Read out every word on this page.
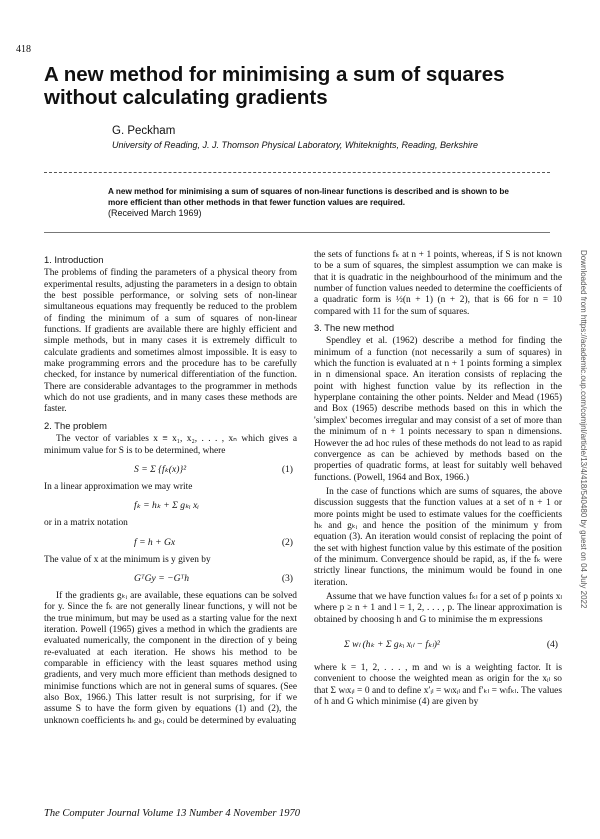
418
A new method for minimising a sum of squares without calculating gradients
G. Peckham
University of Reading, J. J. Thomson Physical Laboratory, Whiteknights, Reading, Berkshire
A new method for minimising a sum of squares of non-linear functions is described and is shown to be more efficient than other methods in that fewer function values are required.
(Received March 1969)
1. Introduction

The problems of finding the parameters of a physical theory from experimental results, adjusting the parameters in a design to obtain the best possible performance, or solving sets of non-linear simultaneous equations may frequently be reduced to the problem of finding the minimum of a sum of squares of non-linear functions. If gradients are available there are highly efficient and simple methods, but in many cases it is extremely difficult to calculate gradients and sometimes almost impossible. It is easy to make programming errors and the procedure has to be carefully checked, for instance by numerical differentiation of the function. There are considerable advantages to the programmer in methods which do not use gradients, and in many cases these methods are faster.

2. The problem

The vector of variables x ≡ x₁, x₂, . . . , xₙ which gives a minimum value for S is to be determined, where

S = Σ {fₖ(x)}²	(1)

In a linear approximation we may write

fₖ = hₖ + Σ gₖᵢ xᵢ

or in a matrix notation

f = h + Gx	(2)

The value of x at the minimum is y given by

GᵀGy = −Gᵀh	(3)

If the gradients gₖᵢ are available, these equations can be solved for y. Since the fₖ are not generally linear functions, y will not be the true minimum, but may be used as a starting value for the next iteration. Powell (1965) gives a method in which the gradients are evaluated numerically, the component in the direction of y being re-evaluated at each iteration. He shows his method to be comparable in efficiency with the least squares method using gradients, and very much more efficient than methods designed to minimise functions which are not in general sums of squares. (See also Box, 1966.) This latter result is not surprising, for if we assume S to have the form given by equations (1) and (2), the unknown coefficients hₖ and gₖᵢ could be determined by evaluating

the sets of functions fₖ at n + 1 points, whereas, if S is not known to be a sum of squares, the simplest assumption we can make is that it is quadratic in the neighbourhood of the minimum and the number of function values needed to determine the coefficients of a quadratic form is ½(n + 1) (n + 2), that is 66 for n = 10 compared with 11 for the sum of squares.

3. The new method

Spendley et al. (1962) describe a method for finding the minimum of a function (not necessarily a sum of squares) in which the function is evaluated at n + 1 points forming a simplex in n dimensional space. An iteration consists of replacing the point with highest function value by its reflection in the hyperplane containing the other points. Nelder and Mead (1965) and Box (1965) describe methods based on this in which the 'simplex' becomes irregular and may consist of a set of more than the minimum of n + 1 points necessary to span n dimensions. However the ad hoc rules of these methods do not lead to as rapid convergence as can be achieved by methods based on the properties of quadratic forms, at least for suitably well behaved functions. (Powell, 1964 and Box, 1966.)

In the case of functions which are sums of squares, the above discussion suggests that the function values at a set of n + 1 or more points might be used to estimate values for the coefficients hₖ and gₖᵢ and hence the position of the minimum y from equation (3). An iteration would consist of replacing the point of the set with highest function value by this estimate of the position of the minimum. Convergence should be rapid, as, if the fₖ were strictly linear functions, the minimum would be found in one iteration.

Assume that we have function values fₖₗ for a set of p points xₗ where p ≥ n + 1 and l = 1, 2, . . . , p. The linear approximation is obtained by choosing h and G to minimise the m expressions

Σ wₗ (hₖ + Σ gₖᵢ xᵢₗ − fₖₗ)²	(4)

where k = 1, 2, . . . , m and wₗ is a weighting factor. It is convenient to choose the weighted mean as origin for the xᵢₗ so that Σ wₗxᵢₗ = 0 and to define x′ᵢₗ = wₗxᵢₗ and f′ₖₗ = wₗfₖₗ. The values of h and G which minimise (4) are given by

Downloaded from https://academic.oup.com/comjnl/article/13/4/418/540480 by guest on 04 July 2022
The Computer Journal Volume 13 Number 4 November 1970
